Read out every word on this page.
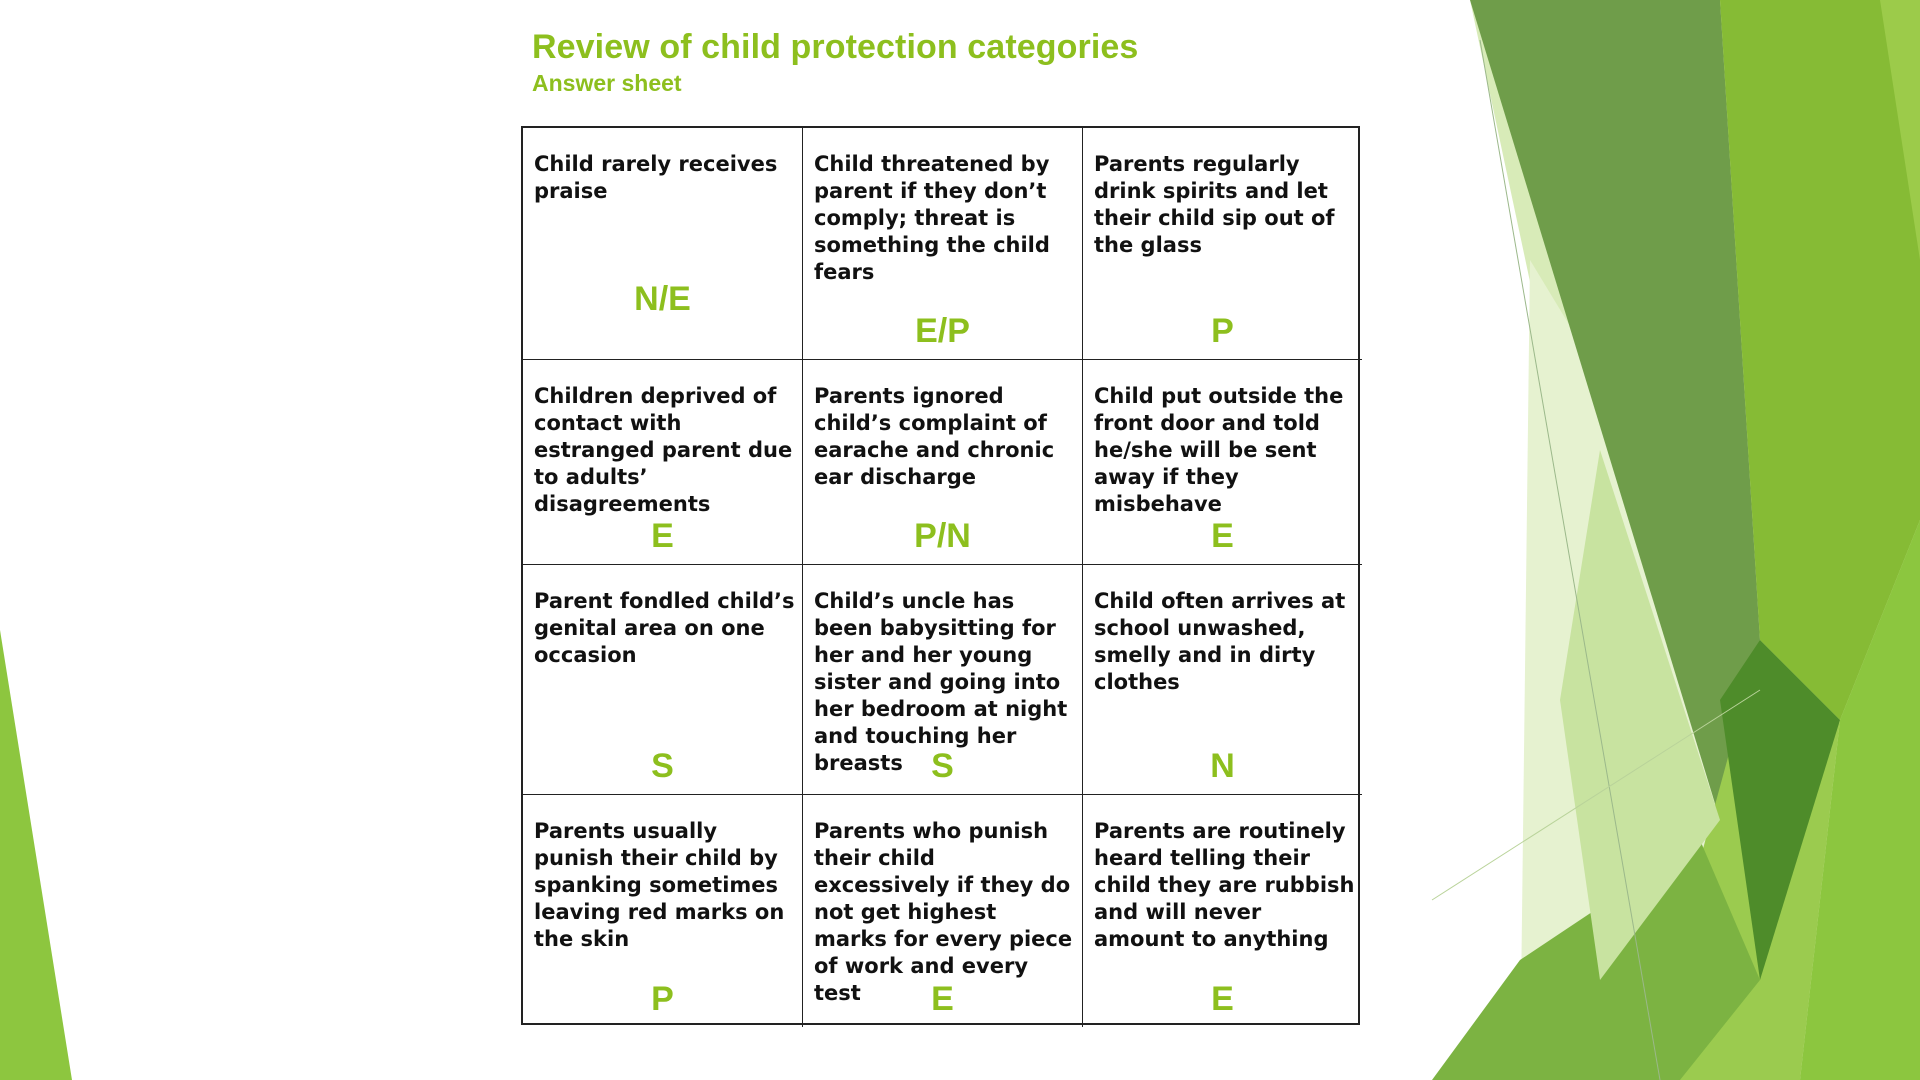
Review of child protection categories
Answer sheet
Child rarely receives praise
N/E
Child threatened by parent if they don’t comply; threat is something the child fears
E/P
Parents regularly drink spirits and let their child sip out of the glass
P
Children deprived of contact with estranged parent due to adults’ disagreements
E
Parents ignored child’s complaint of earache and chronic ear discharge
P/N
Child put outside the front door and told he/she will be sent away if they misbehave
E
Parent fondled child’s genital area on one occasion
S
Child’s uncle has been babysitting for her and her young sister and going into her bedroom at night and touching her breasts S
Child often arrives at school unwashed, smelly and in dirty clothes
N
Parents usually punish their child by spanking sometimes leaving red marks on the skin
P
Parents who punish their child excessively if they do not get highest marks for every piece of work and every test	E
Parents are routinely heard telling their child they are rubbish and will never amount to anything
E
